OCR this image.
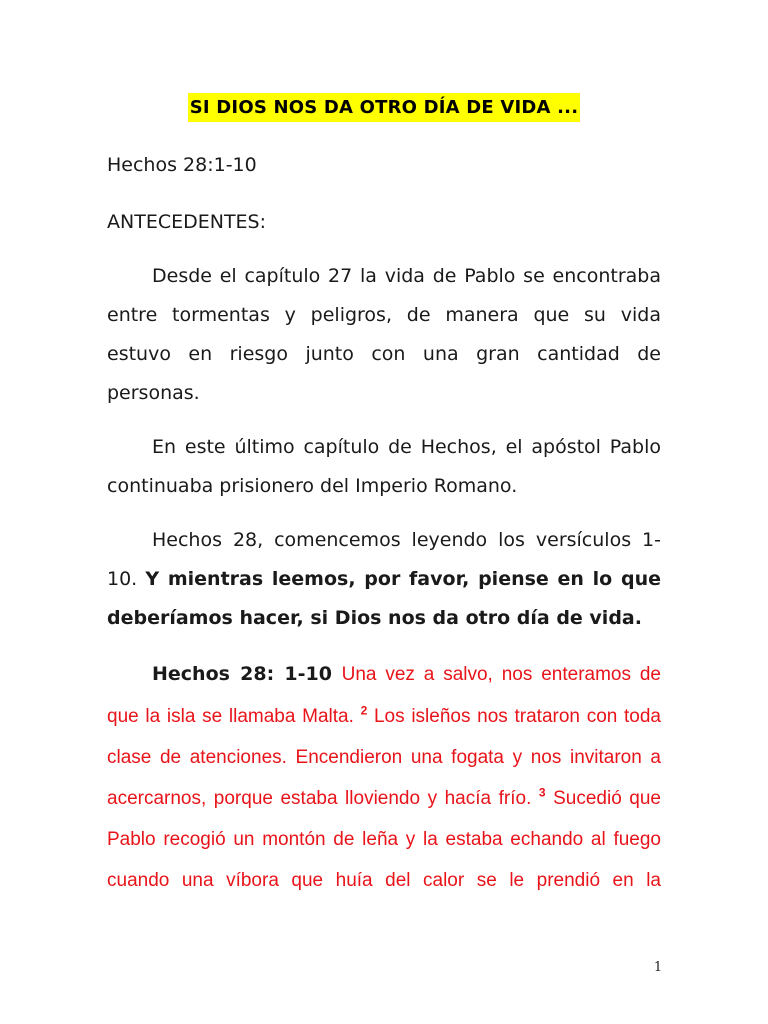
SI DIOS NOS DA OTRO DÍA DE VIDA ...
Hechos 28:1-10
ANTECEDENTES:
Desde el capítulo 27 la vida de Pablo se encontraba
entre tormentas y peligros, de manera que su vida
estuvo en riesgo junto con una gran cantidad de
personas.
En este último capítulo de Hechos, el apóstol Pablo
continuaba prisionero del Imperio Romano.
Hechos 28, comencemos leyendo los versículos 1-
10. Y mientras leemos, por favor, piense en lo que
deberíamos hacer, si Dios nos da otro día de vida.
Hechos 28: 1-10 Una vez a salvo, nos enteramos de
que la isla se llamaba Malta. $^2$ Los isleños nos trataron con toda
clase de atenciones. Encendieron una fogata y nos invitaron a
acercarnos, porque estaba lloviendo y hacía frío. $^3$ Sucedió que
Pablo recogió un montón de leña y la estaba echando al fuego
cuando una víbora que huía del calor se le prendió en la
1
